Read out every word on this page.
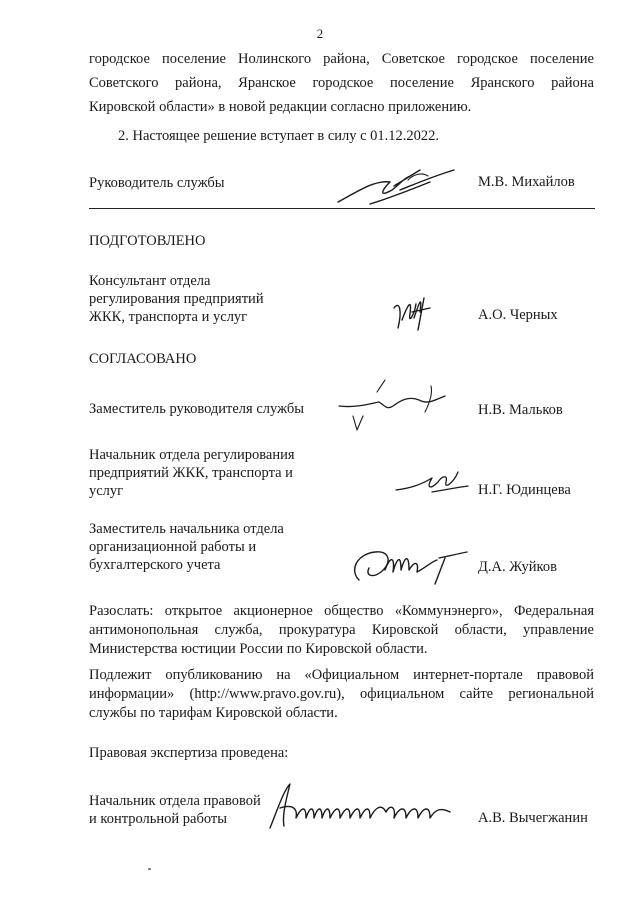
2
городское поселение Нолинского района, Советское городское поселение
Советского района, Яранское городское поселение Яранского района
Кировской области» в новой редакции согласно приложению.
2. Настоящее решение вступает в силу с 01.12.2022.
Руководитель службы	М.В. Михайлов
ПОДГОТОВЛЕНО
Консультант отдела
регулирования предприятий
ЖКК, транспорта и услуг	А.О. Черных
СОГЛАСОВАНО
Заместитель руководителя службы	Н.В. Мальков
Начальник отдела регулирования
предприятий ЖКК, транспорта и
услуг	Н.Г. Юдинцева
Заместитель начальника отдела
организационной работы и
бухгалтерского учета	Д.А. Жуйков
Разослать: открытое акционерное общество «Коммунэнерго», Федеральная
антимонопольная служба, прокуратура Кировской области, управление
Министерства юстиции России по Кировской области.
Подлежит опубликованию на «Официальном интернет-портале правовой
информации» (http://www.pravo.gov.ru), официальном сайте региональной
службы по тарифам Кировской области.
Правовая экспертиза проведена:
Начальник отдела правовой
и контрольной работы	А.В. Вычегжанин
